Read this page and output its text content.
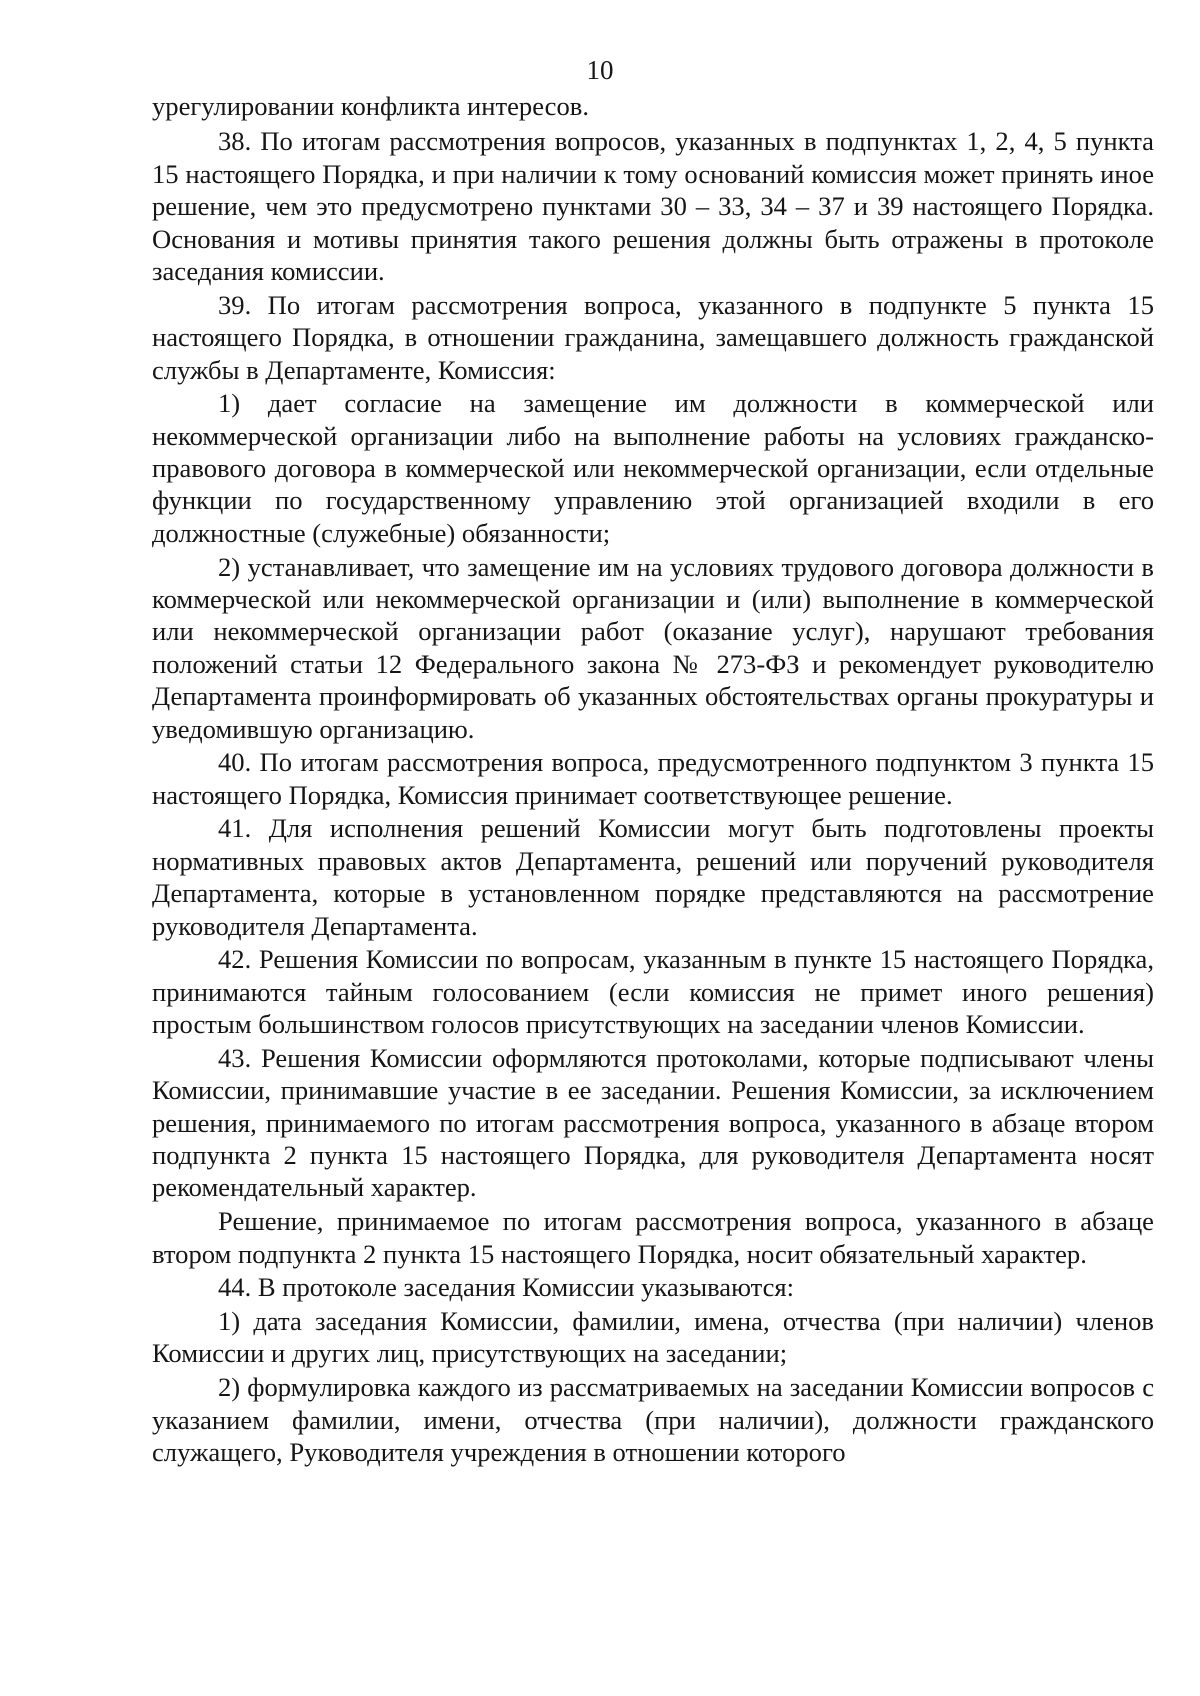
10

урегулировании конфликта интересов.

38. По итогам рассмотрения вопросов, указанных в подпунктах 1, 2, 4, 5 пункта 15 настоящего Порядка, и при наличии к тому оснований комиссия может принять иное решение, чем это предусмотрено пунктами 30 – 33, 34 – 37 и 39 настоящего Порядка. Основания и мотивы принятия такого решения должны быть отражены в протоколе заседания комиссии.

39. По итогам рассмотрения вопроса, указанного в подпункте 5 пункта 15 настоящего Порядка, в отношении гражданина, замещавшего должность гражданской службы в Департаменте, Комиссия:

1) дает согласие на замещение им должности в коммерческой или некоммерческой организации либо на выполнение работы на условиях гражданско-правового договора в коммерческой или некоммерческой организации, если отдельные функции по государственному управлению этой организацией входили в его должностные (служебные) обязанности;

2) устанавливает, что замещение им на условиях трудового договора должности в коммерческой или некоммерческой организации и (или) выполнение в коммерческой или некоммерческой организации работ (оказание услуг), нарушают требования положений статьи 12 Федерального закона № 273-ФЗ и рекомендует руководителю Департамента проинформировать об указанных обстоятельствах органы прокуратуры и уведомившую организацию.

40. По итогам рассмотрения вопроса, предусмотренного подпунктом 3 пункта 15 настоящего Порядка, Комиссия принимает соответствующее решение.

41. Для исполнения решений Комиссии могут быть подготовлены проекты нормативных правовых актов Департамента, решений или поручений руководителя Департамента, которые в установленном порядке представляются на рассмотрение руководителя Департамента.

42. Решения Комиссии по вопросам, указанным в пункте 15 настоящего Порядка, принимаются тайным голосованием (если комиссия не примет иного решения) простым большинством голосов присутствующих на заседании членов Комиссии.

43. Решения Комиссии оформляются протоколами, которые подписывают члены Комиссии, принимавшие участие в ее заседании. Решения Комиссии, за исключением решения, принимаемого по итогам рассмотрения вопроса, указанного в абзаце втором подпункта 2 пункта 15 настоящего Порядка, для руководителя Департамента носят рекомендательный характер.

Решение, принимаемое по итогам рассмотрения вопроса, указанного в абзаце втором подпункта 2 пункта 15 настоящего Порядка, носит обязательный характер.

44. В протоколе заседания Комиссии указываются:

1) дата заседания Комиссии, фамилии, имена, отчества (при наличии) членов Комиссии и других лиц, присутствующих на заседании;

2) формулировка каждого из рассматриваемых на заседании Комиссии вопросов с указанием фамилии, имени, отчества (при наличии), должности гражданского служащего, Руководителя учреждения в отношении которого
